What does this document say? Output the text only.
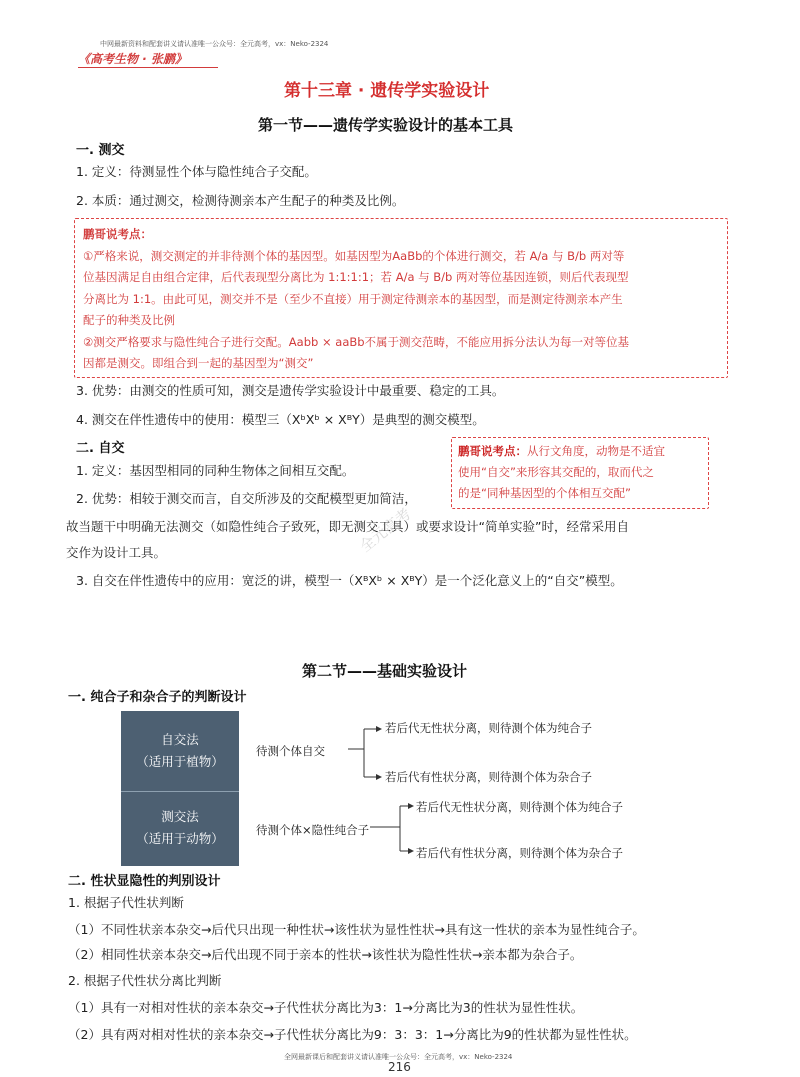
中网最新资料和配套讲义请认准唯一公众号：全元高考，vx：Neko-2324
《高考生物 · 张鹏》
第十三章 · 遗传学实验设计
第一节——遗传学实验设计的基本工具
一. 测交
1. 定义：待测显性个体与隐性纯合子交配。
2. 本质：通过测交，检测待测亲本产生配子的种类及比例。
鹏哥说考点：
①严格来说，测交测定的并非待测个体的基因型。如基因型为AaBb的个体进行测交，若 A/a 与 B/b 两对等
位基因满足自由组合定律，后代表现型分离比为 1:1:1:1；若 A/a 与 B/b 两对等位基因连锁，则后代表现型
分离比为 1:1。由此可见，测交并不是（至少不直接）用于测定待测亲本的基因型，而是测定待测亲本产生
配子的种类及比例
②测交严格要求与隐性纯合子进行交配。Aabb × aaBb不属于测交范畴，不能应用拆分法认为每一对等位基
因都是测交。即组合到一起的基因型为“测交”
3. 优势：由测交的性质可知，测交是遗传学实验设计中最重要、稳定的工具。
4. 测交在伴性遗传中的使用：模型三（XᵇXᵇ × XᴮY）是典型的测交模型。
二. 自交
1. 定义：基因型相同的同种生物体之间相互交配。
2. 优势：相较于测交而言，自交所涉及的交配模型更加简洁，
故当题干中明确无法测交（如隐性纯合子致死，即无测交工具）或要求设计“简单实验”时，经常采用自
交作为设计工具。
3. 自交在伴性遗传中的应用：宽泛的讲，模型一（XᴮXᵇ × XᴮY）是一个泛化意义上的“自交”模型。
鹏哥说考点：从行文角度，动物是不适宜
使用“自交”来形容其交配的，取而代之
的是“同种基因型的个体相互交配”
全元高考
第二节——基础实验设计
一. 纯合子和杂合子的判断设计
自交法
（适用于植物）
测交法
（适用于动物）
待测个体自交
待测个体×隐性纯合子
若后代无性状分离，则待测个体为纯合子
若后代有性状分离，则待测个体为杂合子
若后代无性状分离，则待测个体为纯合子
若后代有性状分离，则待测个体为杂合子
二. 性状显隐性的判别设计
1. 根据子代性状判断
（1）不同性状亲本杂交→后代只出现一种性状→该性状为显性性状→具有这一性状的亲本为显性纯合子。
（2）相同性状亲本杂交→后代出现不同于亲本的性状→该性状为隐性性状→亲本都为杂合子。
2. 根据子代性状分离比判断
（1）具有一对相对性状的亲本杂交→子代性状分离比为3：1→分离比为3的性状为显性性状。
（2）具有两对相对性状的亲本杂交→子代性状分离比为9：3：3：1→分离比为9的性状都为显性性状。
全网最新课后和配套讲义请认准唯一公众号：全元高考，vx：Neko-2324
216
